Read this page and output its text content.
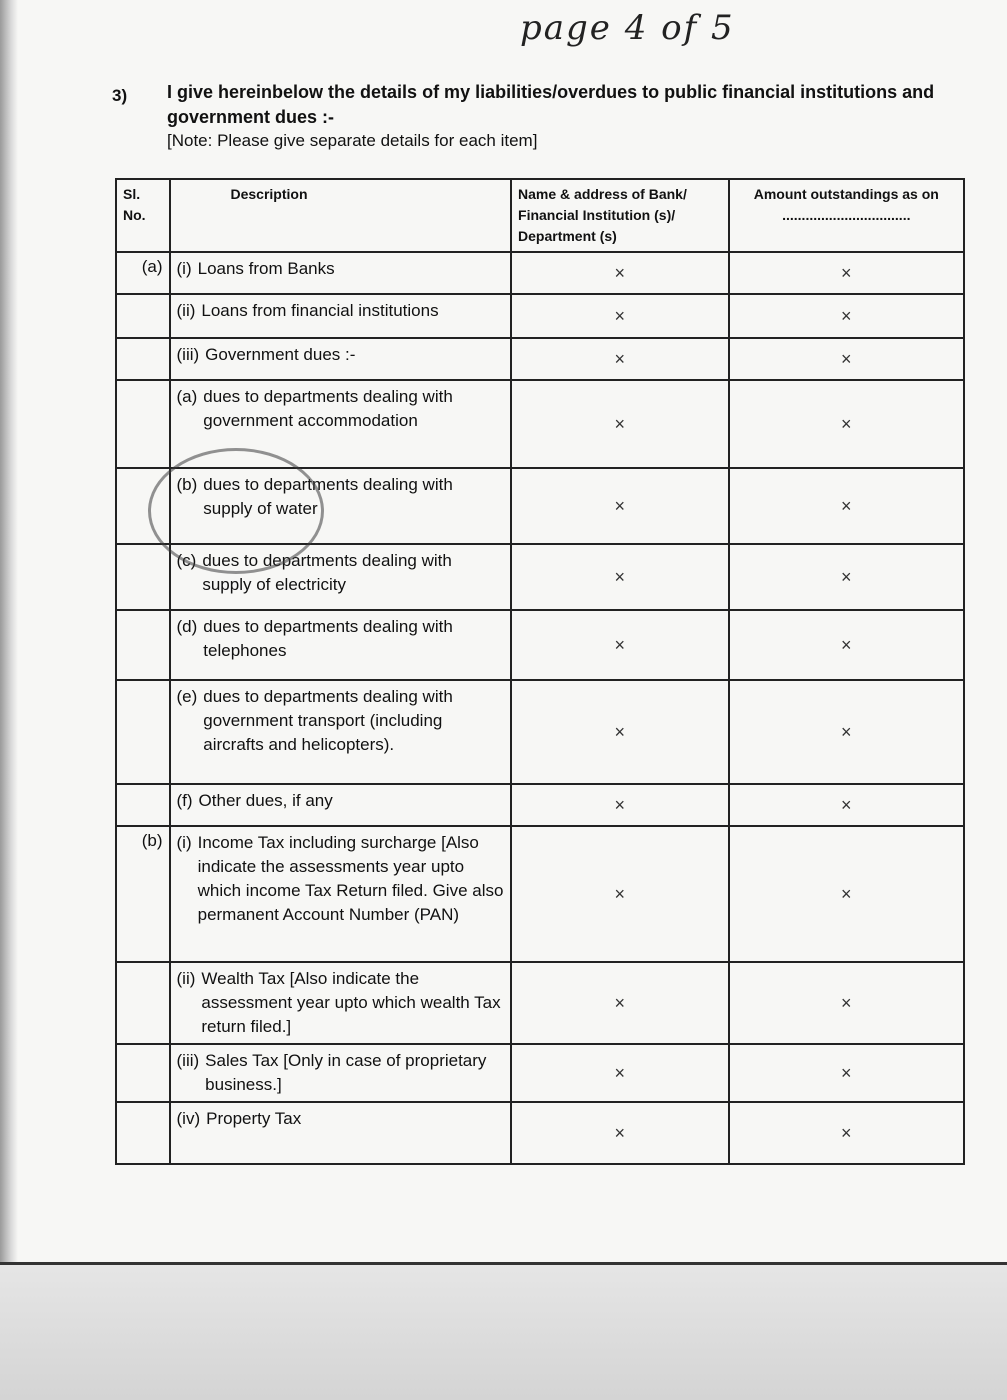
page 4 of 5
3) I give hereinbelow the details of my liabilities/overdues to public financial institutions and government dues :-
[Note: Please give separate details for each item]
Sl. No.	Description	Name & address of Bank/ Financial Institution (s)/ Department (s)	Amount outstandings as on .................................
(a)	(i) Loans from Banks	×	×

	(ii) Loans from financial institutions	×	×

	(iii) Government dues :-	×	×

	(a) dues to departments dealing with government accommodation	×	×

	(b) dues to departments dealing with supply of water	×	×

	(c) dues to departments dealing with supply of electricity	×	×

	(d) dues to departments dealing with telephones	×	×

	(e) dues to departments dealing with government transport (including aircrafts and helicopters).	×	×

	(f) Other dues, if any	×	×
(b)	(i) Income Tax including surcharge [Also indicate the assessments year upto which income Tax Return filed. Give also permanent Account Number (PAN)	×	×

	(ii) Wealth Tax [Also indicate the assessment year upto which wealth Tax return filed.]	×	×

	(iii) Sales Tax [Only in case of proprietary business.]	×	×

	(iv) Property Tax	×	×
